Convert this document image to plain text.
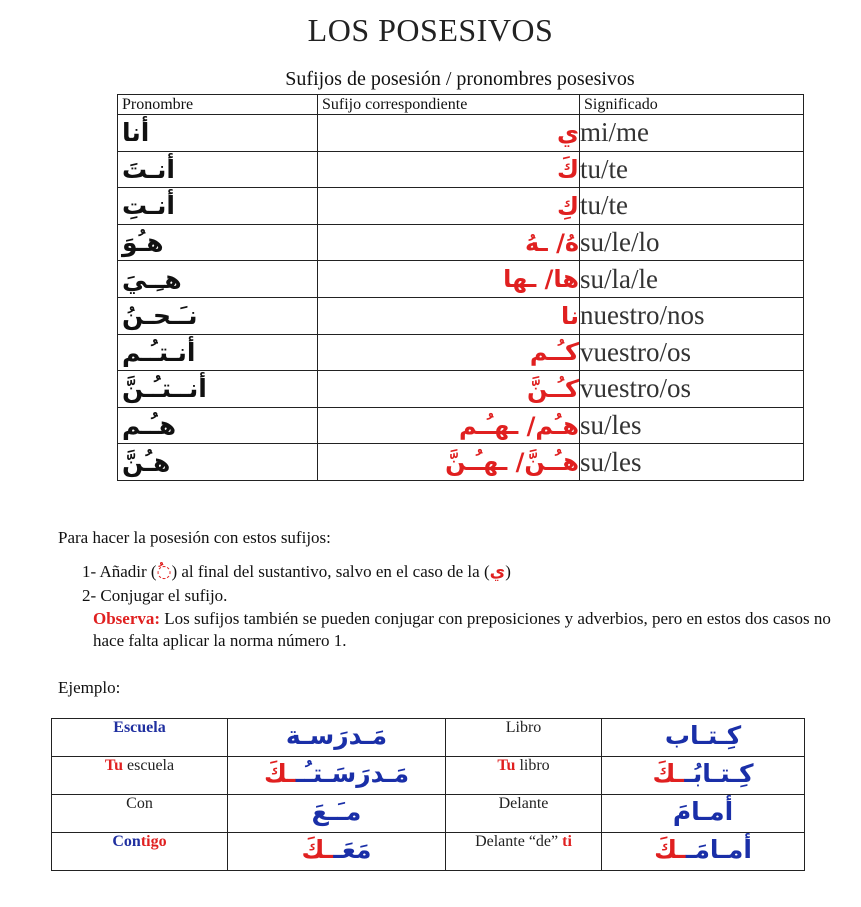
LOS POSESIVOS
Sufijos de posesión / pronombres posesivos
Pronombre	Sufijo correspondiente	Significado
أنا	ي	mi/me
أنـتَ	كَ	tu/te
أنـتِ	كِ	tu/te
هـُوَ	هُ/ ـهُ	su/le/lo
هـِـيَ	ها/ ـها	su/la/le
نـَـحـنُ	نا	nuestro/nos
أنـتـُـم	كـُـم	vuestro/os
أنــتـُـنَّ	كـُـنَّ	vuestro/os
هـُـم	هـُم/ ـهـُـم	su/les
هـُنَّ	هـُـنَّ/ ـهـُـنَّ	su/les
Para hacer la posesión con estos sufijos:
1- Añadir (◌ُ) al final del sustantivo, salvo en el caso de la (ي)
2- Conjugar el sufijo.
Observa: Los sufijos también se pueden conjugar con preposiciones y adverbios, pero en estos dos casos no hace falta aplicar la norma número 1.
Ejemplo:
Escuela	مَـدرَسـة	Libro	كِـتـاب
Tu escuela	مَـدرَسَـتـُــكَ	Tu libro	كِـتـابُــكَ
Con	مـَـعَ	Delante	أمـامَ
Contigo	مَعَــكَ	Delante “de” ti	أمـامَــكَ
